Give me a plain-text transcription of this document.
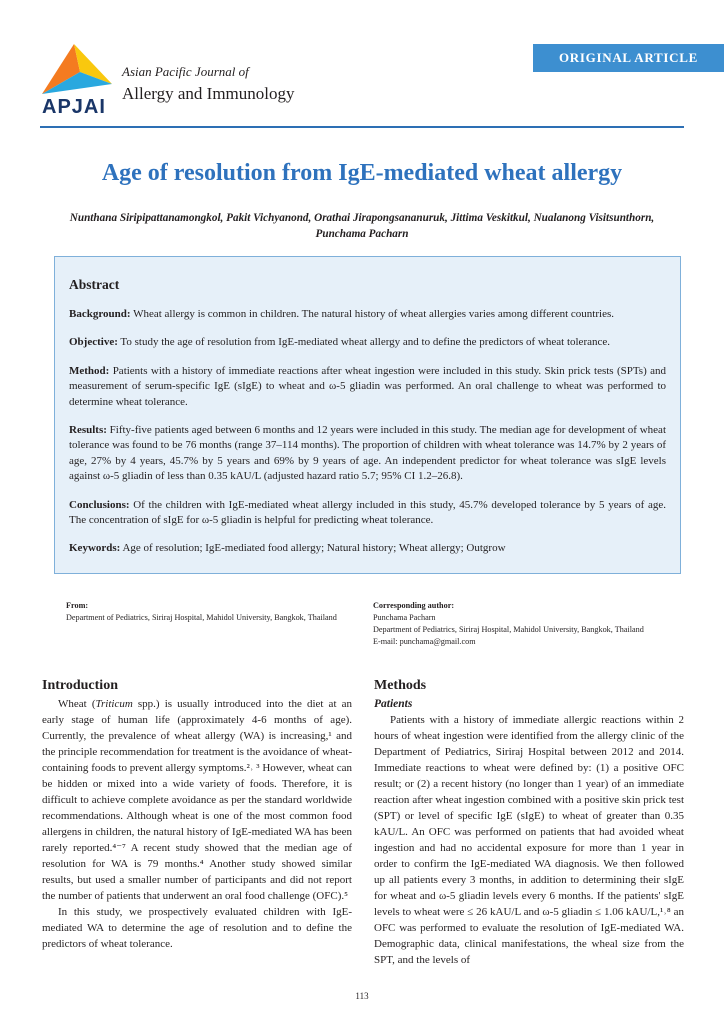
APJAI
Asian Pacific Journal of
Allergy and Immunology
ORIGINAL ARTICLE
Age of resolution from IgE-mediated wheat allergy
Nunthana Siripipattanamongkol, Pakit Vichyanond, Orathai Jirapongsananuruk, Jittima Veskitkul, Nualanong Visitsunthorn,
Punchama Pacharn

Abstract

Background: Wheat allergy is common in children. The natural history of wheat allergies varies among different countries.

Objective: To study the age of resolution from IgE-mediated wheat allergy and to define the predictors of wheat tolerance.

Method: Patients with a history of immediate reactions after wheat ingestion were included in this study. Skin prick tests (SPTs) and measurement of serum-specific IgE (sIgE) to wheat and ω-5 gliadin was performed. An oral challenge to wheat was performed to determine wheat tolerance.

Results: Fifty-five patients aged between 6 months and 12 years were included in this study. The median age for development of wheat tolerance was found to be 76 months (range 37–114 months). The proportion of children with wheat tolerance was 14.7% by 2 years of age, 27% by 4 years, 45.7% by 5 years and 69% by 9 years of age. An independent predictor for wheat tolerance was sIgE levels against ω-5 gliadin of less than 0.35 kAU/L (adjusted hazard ratio 5.7; 95% CI 1.2–26.8).

Conclusions: Of the children with IgE-mediated wheat allergy included in this study, 45.7% developed tolerance by 5 years of age. The concentration of sIgE for ω-5 gliadin is helpful for predicting wheat tolerance.

Keywords: Age of resolution; IgE-mediated food allergy; Natural history; Wheat allergy; Outgrow

From:
Department of Pediatrics, Siriraj Hospital, Mahidol University, Bangkok, Thailand
Corresponding author:
Punchama Pacharn
Department of Pediatrics, Siriraj Hospital, Mahidol University, Bangkok, Thailand
E-mail: punchama@gmail.com

Introduction

Wheat (Triticum spp.) is usually introduced into the diet at an early stage of human life (approximately 4-6 months of age). Currently, the prevalence of wheat allergy (WA) is increasing,¹ and the principle recommendation for treatment is the avoidance of wheat-containing foods to prevent allergy symptoms.²˒ ³ However, wheat can be hidden or mixed into a wide variety of foods. Therefore, it is difficult to achieve complete avoidance as per the standard worldwide recommendations. Although wheat is one of the most common food allergens in children, the natural history of IgE-mediated WA has been rarely reported.⁴⁻⁷ A recent study showed that the median age of resolution for WA is 79 months.⁴ Another study showed similar results, but used a smaller number of participants and did not report the number of patients that underwent an oral food challenge (OFC).⁵

In this study, we prospectively evaluated children with IgE-mediated WA to determine the age of resolution and to define the predictors of wheat tolerance.

Methods

Patients

Patients with a history of immediate allergic reactions within 2 hours of wheat ingestion were identified from the allergy clinic of the Department of Pediatrics, Siriraj Hospital between 2012 and 2014. Immediate reactions to wheat were defined by: (1) a positive OFC result; or (2) a recent history (no longer than 1 year) of an immediate reaction after wheat ingestion combined with a positive skin prick test (SPT) or level of specific IgE (sIgE) to wheat of greater than 0.35 kAU/L. An OFC was performed on patients that had avoided wheat ingestion and had no accidental exposure for more than 1 year in order to confirm the IgE-mediated WA diagnosis. We then followed up all patients every 3 months, in addition to determining their sIgE for wheat and ω-5 gliadin levels every 6 months. If the patients' sIgE levels to wheat were ≤ 26 kAU/L and ω-5 gliadin ≤ 1.06 kAU/L,¹˒⁸ an OFC was performed to evaluate the resolution of IgE-mediated WA. Demographic data, clinical manifestations, the wheal size from the SPT, and the levels of

113
